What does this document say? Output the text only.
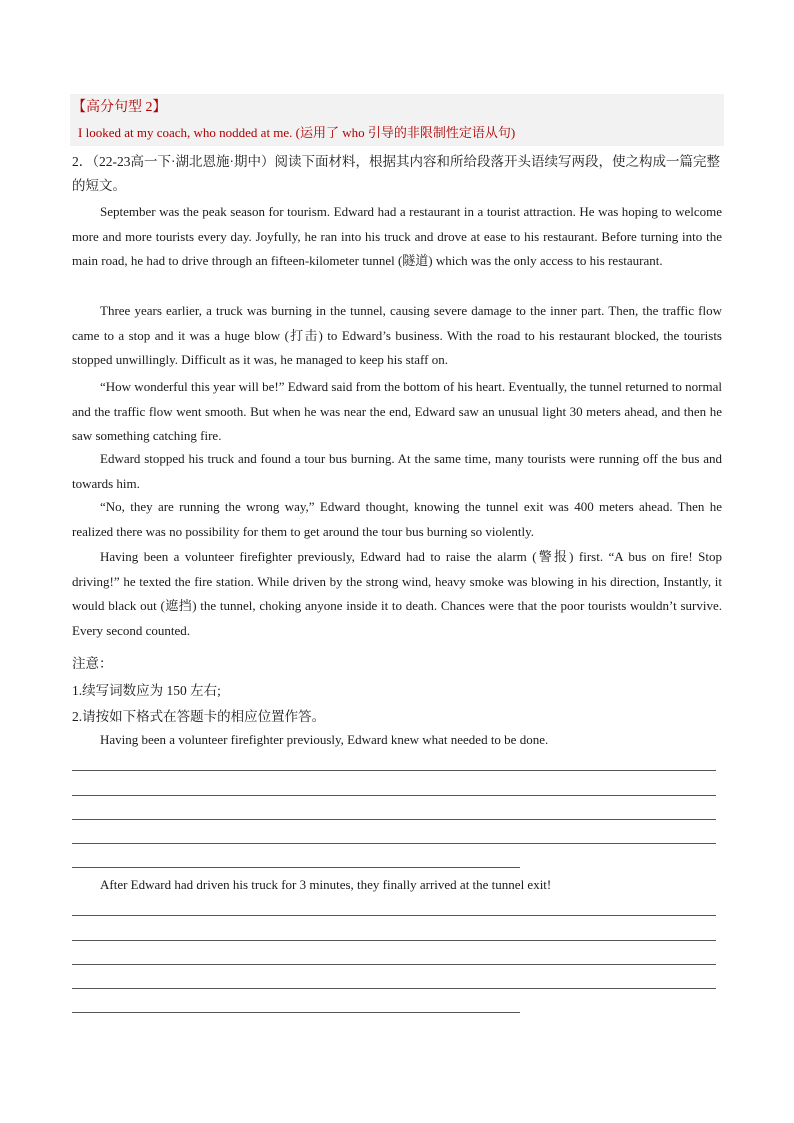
【高分句型 2】
I looked at my coach, who nodded at me. (运用了 who 引导的非限制性定语从句)
2．（22-23高一下·湖北恩施·期中）阅读下面材料，根据其内容和所给段落开头语续写两段，使之构成一篇完整的短文。
September was the peak season for tourism. Edward had a restaurant in a tourist attraction. He was hoping to welcome more and more tourists every day. Joyfully, he ran into his truck and drove at ease to his restaurant. Before turning into the main road, he had to drive through an fifteen-kilometer tunnel (隧道) which was the only access to his restaurant.
Three years earlier, a truck was burning in the tunnel, causing severe damage to the inner part. Then, the traffic flow came to a stop and it was a huge blow (打击) to Edward’s business. With the road to his restaurant blocked, the tourists stopped unwillingly. Difficult as it was, he managed to keep his staff on.
“How wonderful this year will be!” Edward said from the bottom of his heart. Eventually, the tunnel returned to normal and the traffic flow went smooth. But when he was near the end, Edward saw an unusual light 30 meters ahead, and then he saw something catching fire.
Edward stopped his truck and found a tour bus burning. At the same time, many tourists were running off the bus and towards him.
“No, they are running the wrong way,” Edward thought, knowing the tunnel exit was 400 meters ahead. Then he realized there was no possibility for them to get around the tour bus burning so violently.
Having been a volunteer firefighter previously, Edward had to raise the alarm (警报) first. “A bus on fire! Stop driving!” he texted the fire station. While driven by the strong wind, heavy smoke was blowing in his direction, Instantly, it would black out (遮挡) the tunnel, choking anyone inside it to death. Chances were that the poor tourists wouldn’t survive. Every second counted.
注意：
1.续写词数应为 150 左右;
2.请按如下格式在答题卡的相应位置作答。
Having been a volunteer firefighter previously, Edward knew what needed to be done.
After Edward had driven his truck for 3 minutes, they finally arrived at the tunnel exit!
